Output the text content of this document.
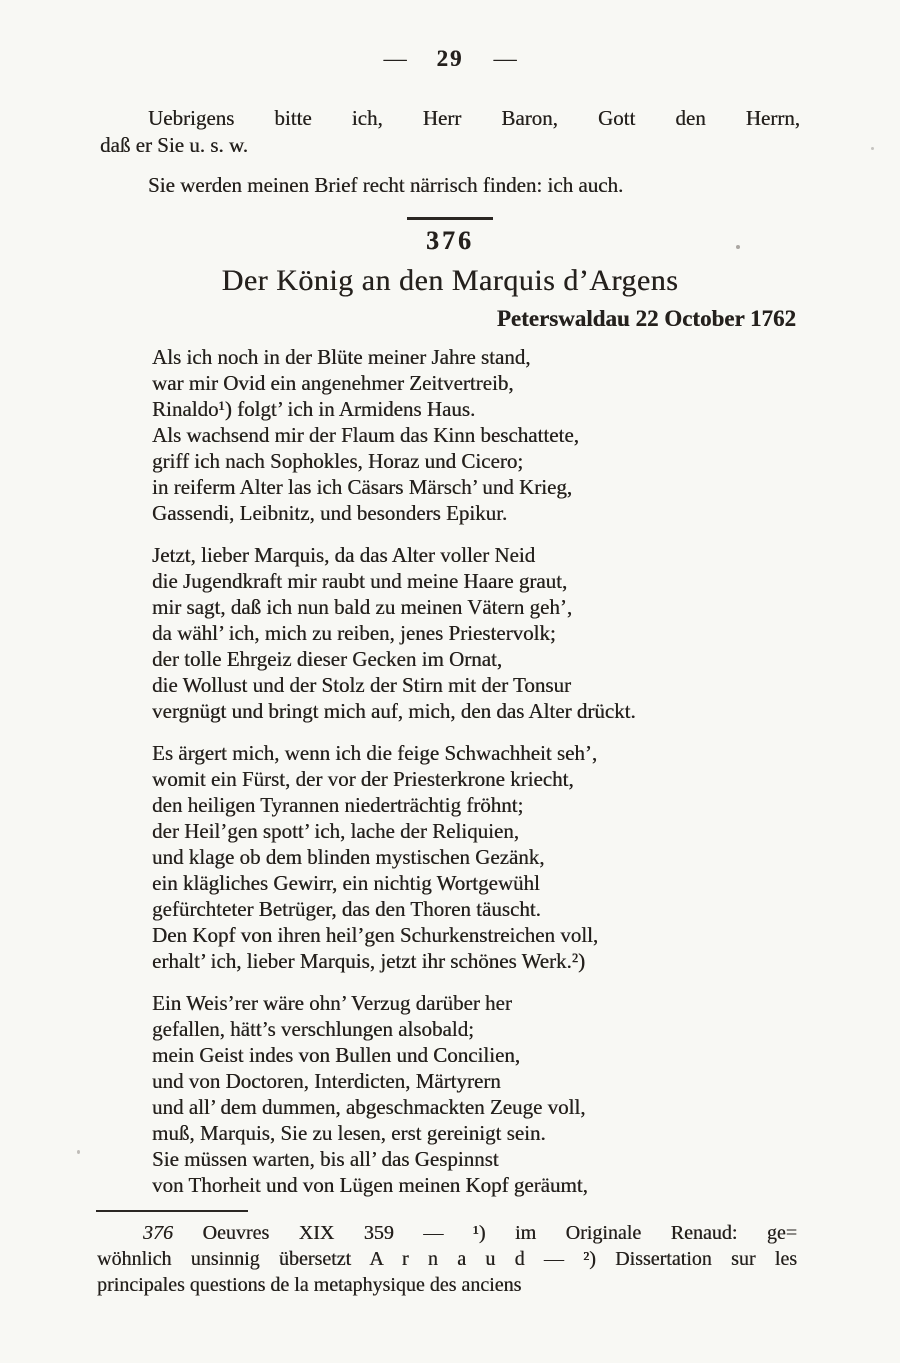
— 29 —
Uebrigens bitte ich, Herr Baron, Gott den Herrn,
daß er Sie u. s. w.
Sie werden meinen Brief recht närrisch finden: ich auch.
376
Der König an den Marquis d’Argens
Peterswaldau 22 October 1762
Als ich noch in der Blüte meiner Jahre stand,
war mir Ovid ein angenehmer Zeitvertreib,
Rinaldo¹) folgt’ ich in Armidens Haus.
Als wachsend mir der Flaum das Kinn beschattete,
griff ich nach Sophokles, Horaz und Cicero;
in reiferm Alter las ich Cäsars Märsch’ und Krieg,
Gassendi, Leibnitz, und besonders Epikur.
Jetzt, lieber Marquis, da das Alter voller Neid
die Jugendkraft mir raubt und meine Haare graut,
mir sagt, daß ich nun bald zu meinen Vätern geh’,
da wähl’ ich, mich zu reiben, jenes Priestervolk;
der tolle Ehrgeiz dieser Gecken im Ornat,
die Wollust und der Stolz der Stirn mit der Tonsur
vergnügt und bringt mich auf, mich, den das Alter drückt.
Es ärgert mich, wenn ich die feige Schwachheit seh’,
womit ein Fürst, der vor der Priesterkrone kriecht,
den heiligen Tyrannen niederträchtig fröhnt;
der Heil’gen spott’ ich, lache der Reliquien,
und klage ob dem blinden mystischen Gezänk,
ein klägliches Gewirr, ein nichtig Wortgewühl
gefürchteter Betrüger, das den Thoren täuscht.
Den Kopf von ihren heil’gen Schurkenstreichen voll,
erhalt’ ich, lieber Marquis, jetzt ihr schönes Werk.²)
Ein Weis’rer wäre ohn’ Verzug darüber her
gefallen, hätt’s verschlungen alsobald;
mein Geist indes von Bullen und Concilien,
und von Doctoren, Interdicten, Märtyrern
und all’ dem dummen, abgeschmackten Zeuge voll,
muß, Marquis, Sie zu lesen, erst gereinigt sein.
Sie müssen warten, bis all’ das Gespinnst
von Thorheit und von Lügen meinen Kopf geräumt,
376 Oeuvres XIX 359 — ¹) im Originale Renaud: ge=
wöhnlich unsinnig übersetzt A r n a u d — ²) Dissertation sur les
principales questions de la metaphysique des anciens
